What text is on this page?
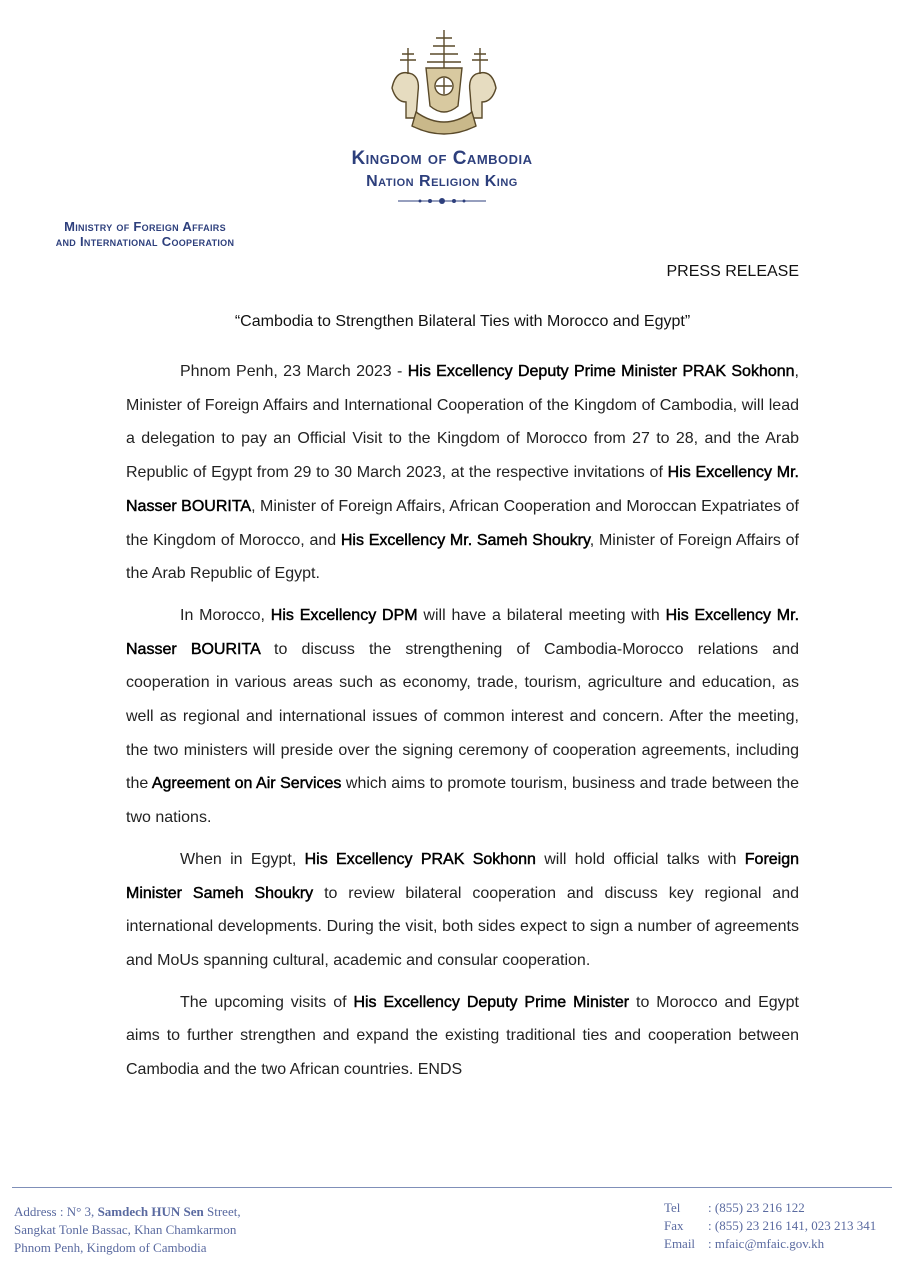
Kingdom of Cambodia
Nation Religion King
Ministry of Foreign Affairs
and International Cooperation
PRESS RELEASE
“Cambodia to Strengthen Bilateral Ties with Morocco and Egypt”

Phnom Penh, 23 March 2023 - His Excellency Deputy Prime Minister PRAK Sokhonn, Minister of Foreign Affairs and International Cooperation of the Kingdom of Cambodia, will lead a delegation to pay an Official Visit to the Kingdom of Morocco from 27 to 28, and the Arab Republic of Egypt from 29 to 30 March 2023, at the respective invitations of His Excellency Mr. Nasser BOURITA, Minister of Foreign Affairs, African Cooperation and Moroccan Expatriates of the Kingdom of Morocco, and His Excellency Mr. Sameh Shoukry, Minister of Foreign Affairs of the Arab Republic of Egypt.

In Morocco, His Excellency DPM will have a bilateral meeting with His Excellency Mr. Nasser BOURITA to discuss the strengthening of Cambodia-Morocco relations and cooperation in various areas such as economy, trade, tourism, agriculture and education, as well as regional and international issues of common interest and concern. After the meeting, the two ministers will preside over the signing ceremony of cooperation agreements, including the Agreement on Air Services which aims to promote tourism, business and trade between the two nations.

When in Egypt, His Excellency PRAK Sokhonn will hold official talks with Foreign Minister Sameh Shoukry to review bilateral cooperation and discuss key regional and international developments. During the visit, both sides expect to sign a number of agreements and MoUs spanning cultural, academic and consular cooperation.

The upcoming visits of His Excellency Deputy Prime Minister to Morocco and Egypt aims to further strengthen and expand the existing traditional ties and cooperation between Cambodia and the two African countries. ENDS

Address : N° 3, Samdech HUN Sen Street,
Sangkat Tonle Bassac, Khan Chamkarmon
Phnom Penh, Kingdom of Cambodia
Tel : (855) 23 216 122
Fax : (855) 23 216 141, 023 213 341
Email : mfaic@mfaic.gov.kh
